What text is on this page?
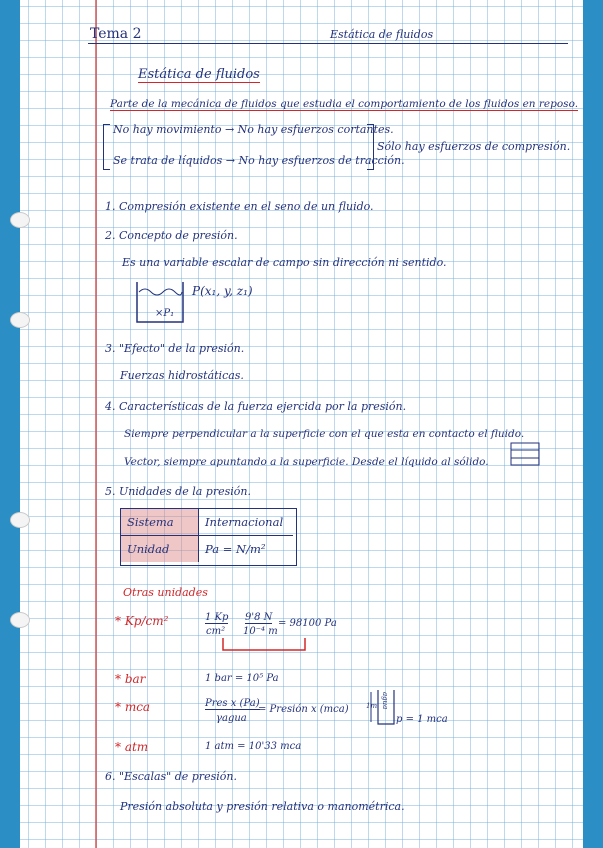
Tema 2	Estática de fluidos
Estática de fluidos
Parte de la mecánica de fluidos que estudia el comportamiento de los fluidos en reposo.
No hay movimiento → No hay esfuerzos cortantes.
Se trata de líquidos → No hay esfuerzos de tracción.
Sólo hay esfuerzos de compresión.
1. Compresión existente en el seno de un fluido.
2. Concepto de presión.
Es una variable escalar de campo sin dirección ni sentido.
×P₁
P(x₁, y, z₁)
3. "Efecto" de la presión.
Fuerzas hidrostáticas.
4. Características de la fuerza ejercida por la presión.
Siempre perpendicular a la superficie con el que esta en contacto el fluido.
Vector, siempre apuntando a la superficie. Desde el líquido al sólido.
5. Unidades de la presión.
Sistema	Internacional
Unidad	Pa = N/m²
Otras unidades
* Kp/cm²	1 Kp
cm²
9'8 N
10⁻⁴ m
= 98100 Pa
* bar	1 bar = 10⁵ Pa
* mca	Pres x (Pa)
γagua
= Presión x (mca)
agua
1m
p = 1 mca
* atm	1 atm = 10'33 mca
6. "Escalas" de presión.
Presión absoluta y presión relativa o manométrica.
